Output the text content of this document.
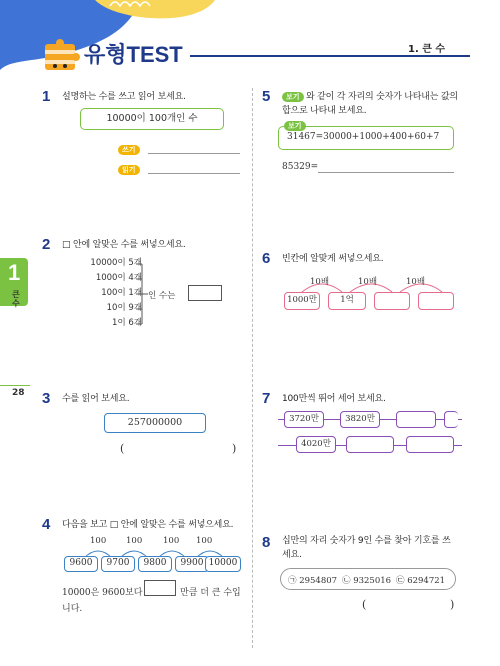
유형TEST	1. 큰 수
1
큰 수
28
1 설명하는 수를 쓰고 읽어 보세요.
10000이 100개인 수
쓰기
읽기
2 □ 안에 알맞은 수를 써넣으세요.
10000이 5개
1000이 4개
100이 1개
10이 9개
1이 6개
인 수는
3 수를 읽어 보세요.
257000000
(	)
4 다음을 보고 □ 안에 알맞은 수를 써넣으세요.
100 100 100 100
9600	9700	9800	9900 10000
10000은 9600보다	만큼 더 큰 수입
니다.
5	보기 와 같이 각 자리의 숫자가 나타내는 값의
합으로 나타내 보세요.
31467=30000+1000+400+60+7
보기
85329=
6 빈칸에 알맞게 써넣으세요.
10배	10배	10배
1000만	1억
7 100만씩 뛰어 세어 보세요.
3720만	3820만
4020만
8 십만의 자리 숫자가 9인 수를 찾아 기호를 쓰
세요.
㉠ 2954807 ㉡ 9325016 ㉢ 6294721
(	)
